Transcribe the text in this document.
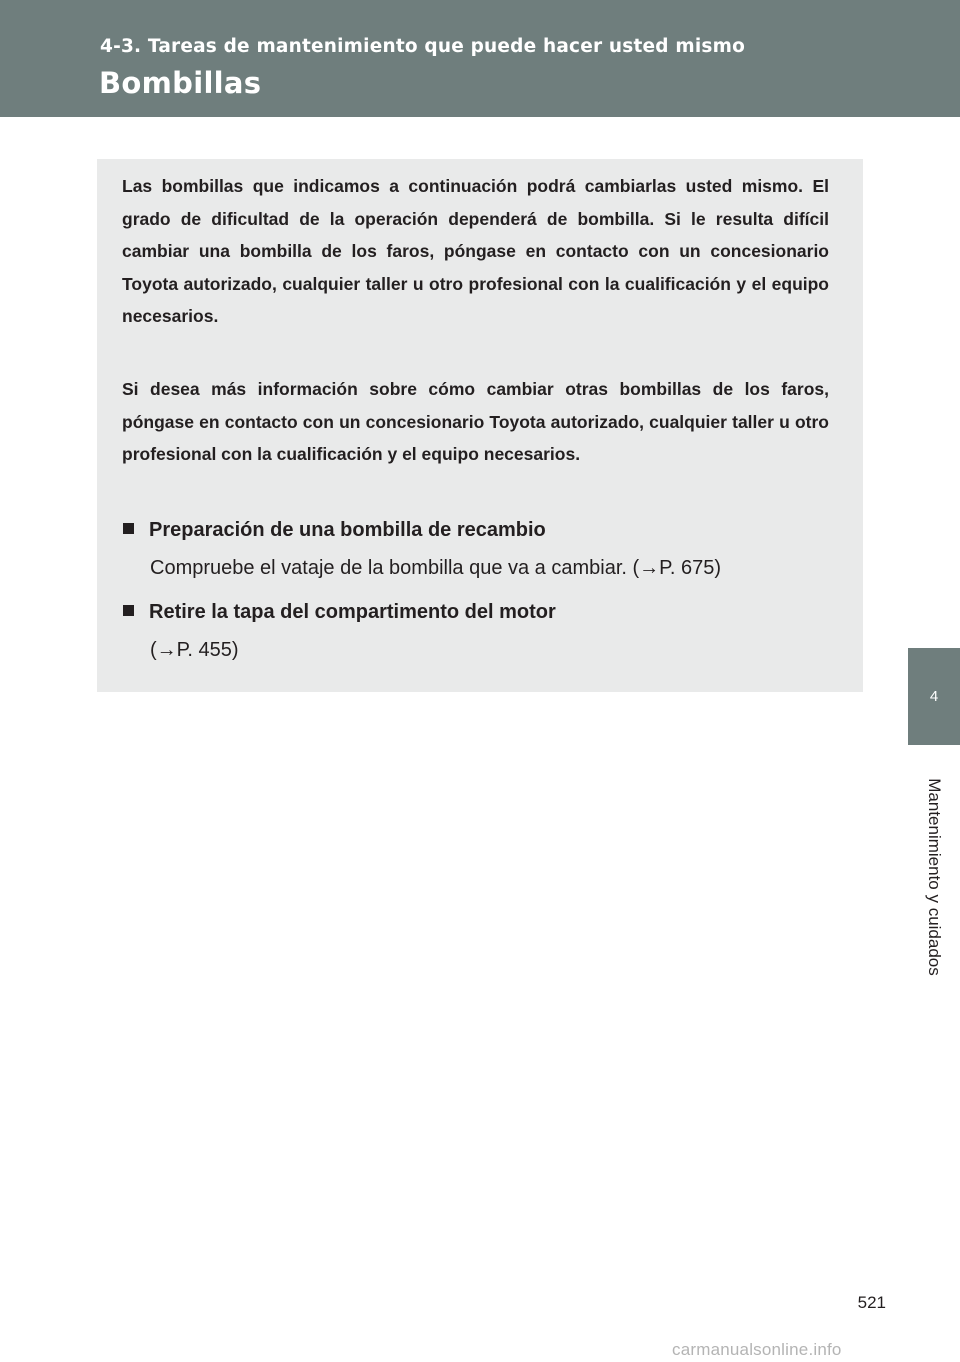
4-3. Tareas de mantenimiento que puede hacer usted mismo
Bombillas
4
Mantenimiento y cuidados

Las bombillas que indicamos a continuación podrá cambiarlas usted mismo. El grado de dificultad de la operación dependerá de bombilla. Si le resulta difícil cambiar una bombilla de los faros, póngase en contacto con un concesionario Toyota autorizado, cualquier taller u otro profesional con la cualificación y el equipo necesarios.

Si desea más información sobre cómo cambiar otras bombillas de los faros, póngase en contacto con un concesionario Toyota autorizado, cualquier taller u otro profesional con la cualificación y el equipo necesarios.

Preparación de una bombilla de recambio
Compruebe el vataje de la bombilla que va a cambiar. (→P. 675)
Retire la tapa del compartimento del motor
(→P. 455)
521
carmanualsonline.info
